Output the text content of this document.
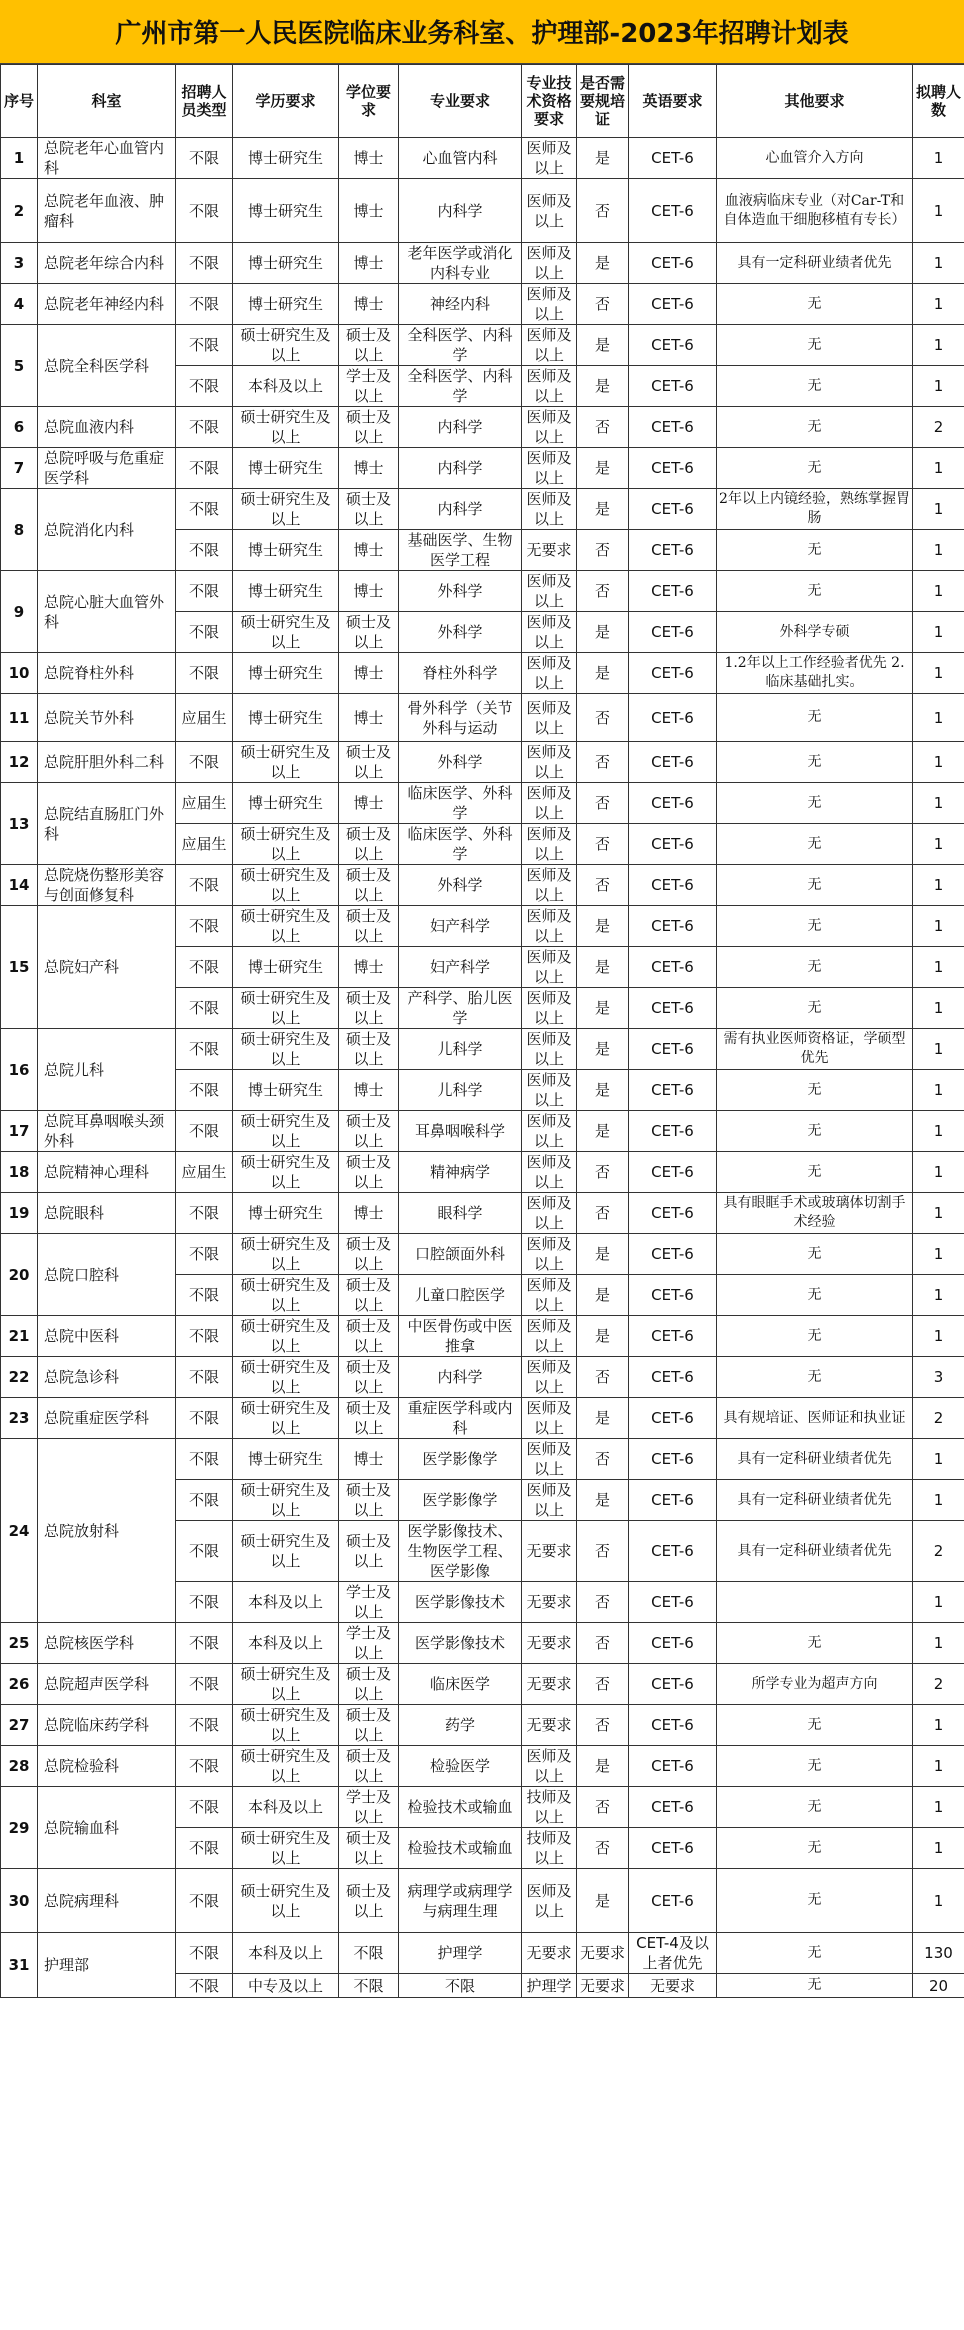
广州市第一人民医院临床业务科室、护理部-2023年招聘计划表
序号	科室	招聘人员类型	学历要求	学位要求	专业要求	专业技术资格要求	是否需要规培证	英语要求	其他要求	拟聘人数
1	总院老年心血管内科	不限	博士研究生	博士	心血管内科	医师及以上	是	CET-6	心血管介入方向	1
2	总院老年血液、肿瘤科	不限	博士研究生	博士	内科学	医师及以上	否	CET-6	血液病临床专业（对Car-T和自体造血干细胞移植有专长）	1
3	总院老年综合内科	不限	博士研究生	博士	老年医学或消化内科专业	医师及以上	是	CET-6	具有一定科研业绩者优先	1
4	总院老年神经内科	不限	博士研究生	博士	神经内科	医师及以上	否	CET-6	无	1
5	总院全科医学科	不限	硕士研究生及以上	硕士及以上	全科医学、内科学	医师及以上	是	CET-6	无	1
		不限	本科及以上	学士及以上	全科医学、内科学	医师及以上	是	CET-6	无	1
6	总院血液内科	不限	硕士研究生及以上	硕士及以上	内科学	医师及以上	否	CET-6	无	2
7	总院呼吸与危重症医学科	不限	博士研究生	博士	内科学	医师及以上	是	CET-6	无	1
8	总院消化内科	不限	硕士研究生及以上	硕士及以上	内科学	医师及以上	是	CET-6	2年以上内镜经验，熟练掌握胃肠	1
		不限	博士研究生	博士	基础医学、生物医学工程	无要求	否	CET-6	无	1
9	总院心脏大血管外科	不限	博士研究生	博士	外科学	医师及以上	否	CET-6	无	1
		不限	硕士研究生及以上	硕士及以上	外科学	医师及以上	是	CET-6	外科学专硕	1
10	总院脊柱外科	不限	博士研究生	博士	脊柱外科学	医师及以上	是	CET-6	1.2年以上工作经验者优先 2.临床基础扎实。	1
11	总院关节外科	应届生	博士研究生	博士	骨外科学（关节外科与运动	医师及以上	否	CET-6	无	1
12	总院肝胆外科二科	不限	硕士研究生及以上	硕士及以上	外科学	医师及以上	否	CET-6	无	1
13	总院结直肠肛门外科	应届生	博士研究生	博士	临床医学、外科学	医师及以上	否	CET-6	无	1
		应届生	硕士研究生及以上	硕士及以上	临床医学、外科学	医师及以上	否	CET-6	无	1
14	总院烧伤整形美容与创面修复科	不限	硕士研究生及以上	硕士及以上	外科学	医师及以上	否	CET-6	无	1
15	总院妇产科	不限	硕士研究生及以上	硕士及以上	妇产科学	医师及以上	是	CET-6	无	1
		不限	博士研究生	博士	妇产科学	医师及以上	是	CET-6	无	1
		不限	硕士研究生及以上	硕士及以上	产科学、胎儿医学	医师及以上	是	CET-6	无	1
16	总院儿科	不限	硕士研究生及以上	硕士及以上	儿科学	医师及以上	是	CET-6	需有执业医师资格证，学硕型优先	1
		不限	博士研究生	博士	儿科学	医师及以上	是	CET-6	无	1
17	总院耳鼻咽喉头颈外科	不限	硕士研究生及以上	硕士及以上	耳鼻咽喉科学	医师及以上	是	CET-6	无	1
18	总院精神心理科	应届生	硕士研究生及以上	硕士及以上	精神病学	医师及以上	否	CET-6	无	1
19	总院眼科	不限	博士研究生	博士	眼科学	医师及以上	否	CET-6	具有眼眶手术或玻璃体切割手术经验	1
20	总院口腔科	不限	硕士研究生及以上	硕士及以上	口腔颌面外科	医师及以上	是	CET-6	无	1
		不限	硕士研究生及以上	硕士及以上	儿童口腔医学	医师及以上	是	CET-6	无	1
21	总院中医科	不限	硕士研究生及以上	硕士及以上	中医骨伤或中医推拿	医师及以上	是	CET-6	无	1
22	总院急诊科	不限	硕士研究生及以上	硕士及以上	内科学	医师及以上	否	CET-6	无	3
23	总院重症医学科	不限	硕士研究生及以上	硕士及以上	重症医学科或内科	医师及以上	是	CET-6	具有规培证、医师证和执业证	2
24	总院放射科	不限	博士研究生	博士	医学影像学	医师及以上	否	CET-6	具有一定科研业绩者优先	1
		不限	硕士研究生及以上	硕士及以上	医学影像学	医师及以上	是	CET-6	具有一定科研业绩者优先	1
		不限	硕士研究生及以上	硕士及以上	医学影像技术、生物医学工程、医学影像	无要求	否	CET-6	具有一定科研业绩者优先	2
		不限	本科及以上	学士及以上	医学影像技术	无要求	否	CET-6		1
25	总院核医学科	不限	本科及以上	学士及以上	医学影像技术	无要求	否	CET-6	无	1
26	总院超声医学科	不限	硕士研究生及以上	硕士及以上	临床医学	无要求	否	CET-6	所学专业为超声方向	2
27	总院临床药学科	不限	硕士研究生及以上	硕士及以上	药学	无要求	否	CET-6	无	1
28	总院检验科	不限	硕士研究生及以上	硕士及以上	检验医学	医师及以上	是	CET-6	无	1
29	总院输血科	不限	本科及以上	学士及以上	检验技术或输血	技师及以上	否	CET-6	无	1
		不限	硕士研究生及以上	硕士及以上	检验技术或输血	技师及以上	否	CET-6	无	1
30	总院病理科	不限	硕士研究生及以上	硕士及以上	病理学或病理学与病理生理	医师及以上	是	CET-6	无	1
31	护理部	不限	本科及以上	不限	护理学	无要求	无要求	CET-4及以上者优先	无	130
		不限	中专及以上	不限	不限	护理学	无要求	无要求	无	20
